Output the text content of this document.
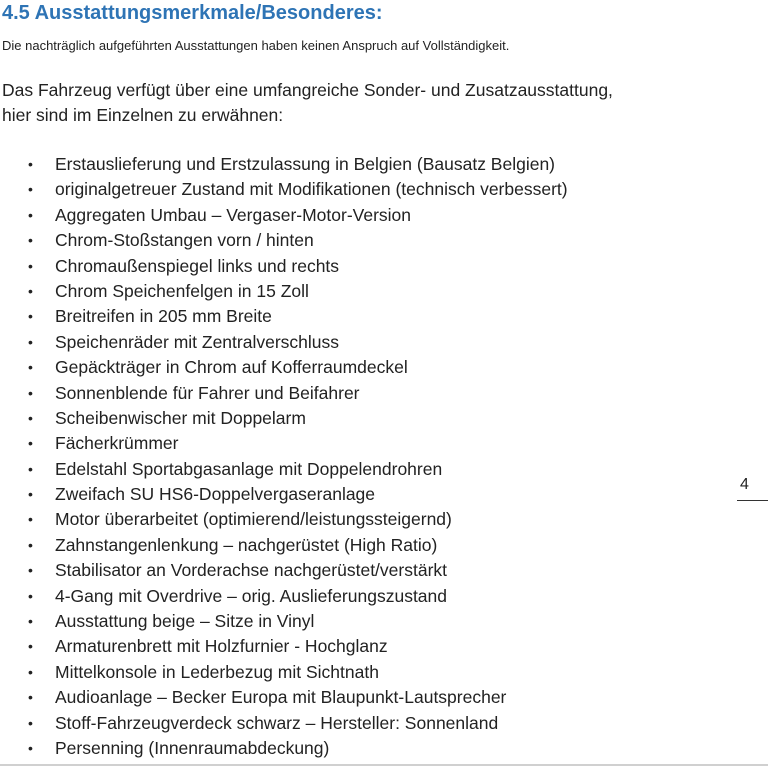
4.5 Ausstattungsmerkmale/Besonderes:
Die nachträglich aufgeführten Ausstattungen haben keinen Anspruch auf Vollständigkeit.
Das Fahrzeug verfügt über eine umfangreiche Sonder- und Zusatzausstattung,
hier sind im Einzelnen zu erwähnen:
• Erstauslieferung und Erstzulassung in Belgien (Bausatz Belgien)
• originalgetreuer Zustand mit Modifikationen (technisch verbessert)
• Aggregaten Umbau – Vergaser-Motor-Version
• Chrom-Stoßstangen vorn / hinten
• Chromaußenspiegel links und rechts
• Chrom Speichenfelgen in 15 Zoll
• Breitreifen in 205 mm Breite
• Speichenräder mit Zentralverschluss
• Gepäckträger in Chrom auf Kofferraumdeckel
• Sonnenblende für Fahrer und Beifahrer
• Scheibenwischer mit Doppelarm
• Fächerkrümmer
• Edelstahl Sportabgasanlage mit Doppelendrohren
• Zweifach SU HS6-Doppelvergaseranlage
• Motor überarbeitet (optimierend/leistungssteigernd)
• Zahnstangenlenkung – nachgerüstet (High Ratio)
• Stabilisator an Vorderachse nachgerüstet/verstärkt
• 4-Gang mit Overdrive – orig. Auslieferungszustand
• Ausstattung beige – Sitze in Vinyl
• Armaturenbrett mit Holzfurnier - Hochglanz
• Mittelkonsole in Lederbezug mit Sichtnath
• Audioanlage – Becker Europa mit Blaupunkt-Lautsprecher
• Stoff-Fahrzeugverdeck schwarz – Hersteller: Sonnenland
• Persenning (Innenraumabdeckung)
4
